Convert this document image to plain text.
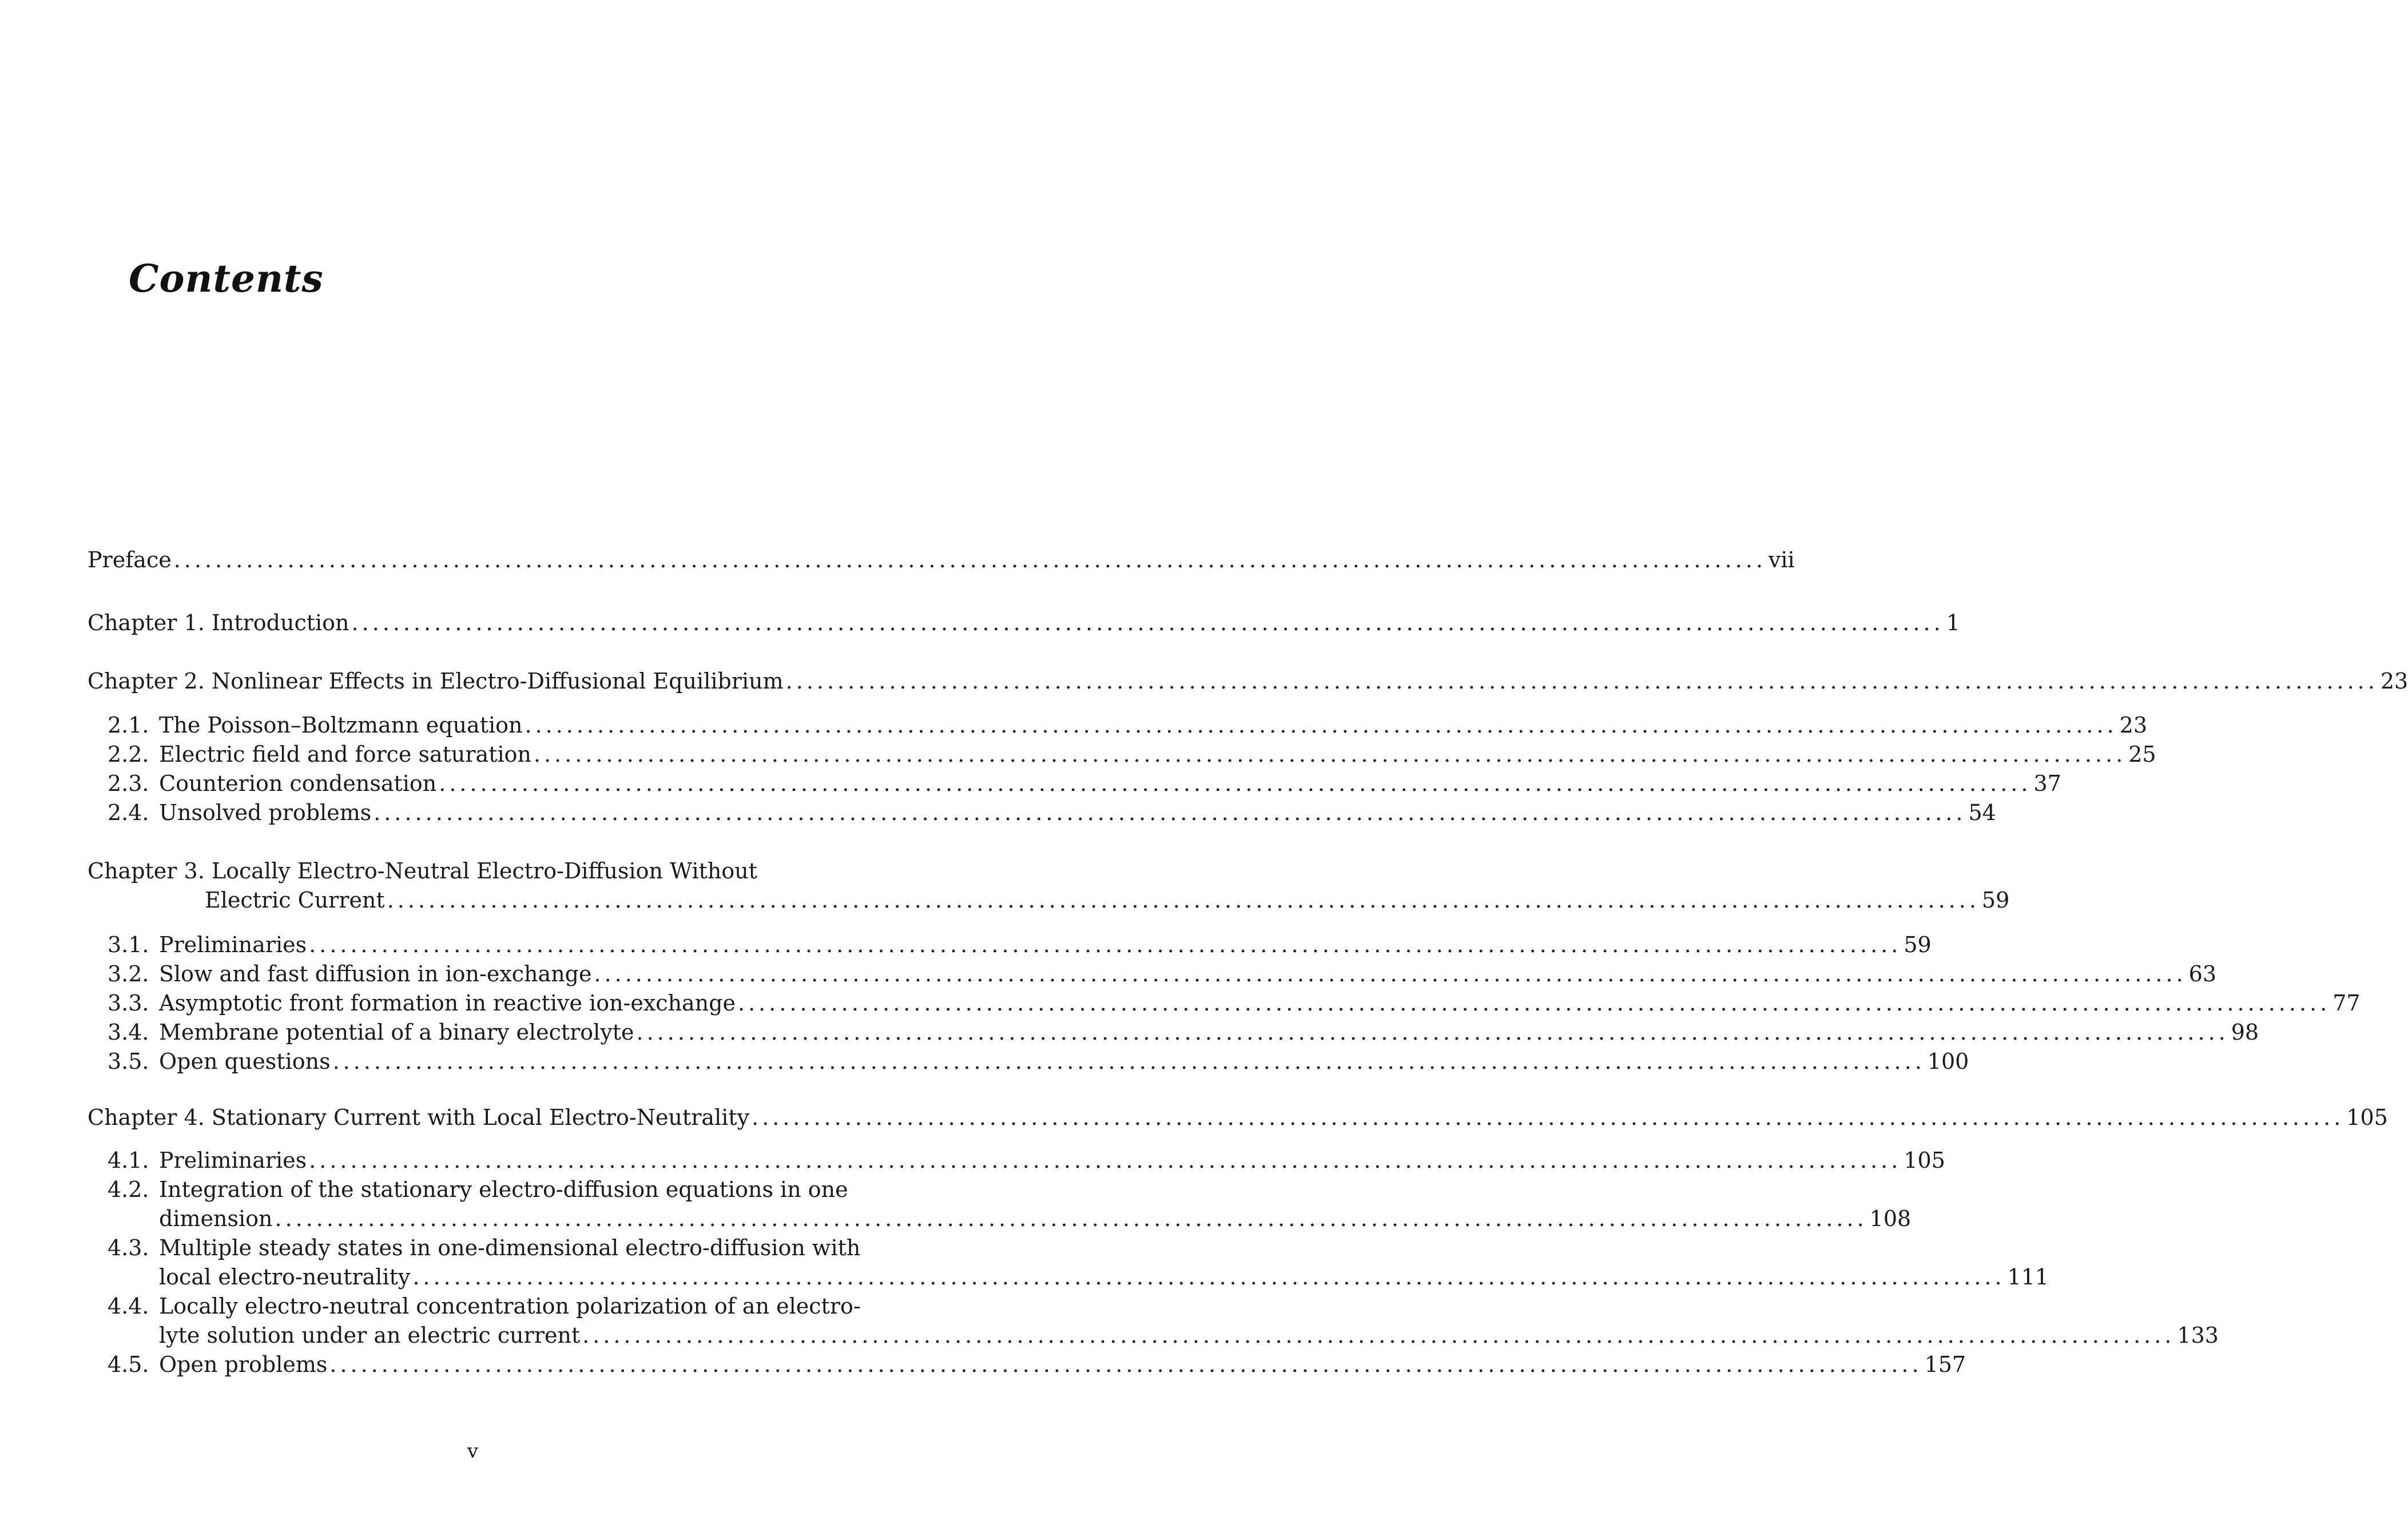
Contents
Preface .......................................................................................................................................................... vii
Chapter 1. Introduction .......................................................................................................................................................... 1
Chapter 2. Nonlinear Effects in Electro-Diffusional Equilibrium .......................................................................................................................................................... 23
2.1. The Poisson–Boltzmann equation .......................................................................................................................................................... 23
2.2. Electric field and force saturation .......................................................................................................................................................... 25
2.3. Counterion condensation .......................................................................................................................................................... 37
2.4. Unsolved problems .......................................................................................................................................................... 54
Chapter 3. Locally Electro-Neutral Electro-Diffusion Without
Electric Current .......................................................................................................................................................... 59
3.1. Preliminaries .......................................................................................................................................................... 59
3.2. Slow and fast diffusion in ion-exchange .......................................................................................................................................................... 63
3.3. Asymptotic front formation in reactive ion-exchange .......................................................................................................................................................... 77
3.4. Membrane potential of a binary electrolyte .......................................................................................................................................................... 98
3.5. Open questions .......................................................................................................................................................... 100
Chapter 4. Stationary Current with Local Electro-Neutrality .......................................................................................................................................................... 105
4.1. Preliminaries .......................................................................................................................................................... 105
4.2. Integration of the stationary electro-diffusion equations in one
dimension .......................................................................................................................................................... 108
4.3. Multiple steady states in one-dimensional electro-diffusion with
local electro-neutrality .......................................................................................................................................................... 111
4.4. Locally electro-neutral concentration polarization of an electro-
lyte solution under an electric current .......................................................................................................................................................... 133
4.5. Open problems .......................................................................................................................................................... 157
v
